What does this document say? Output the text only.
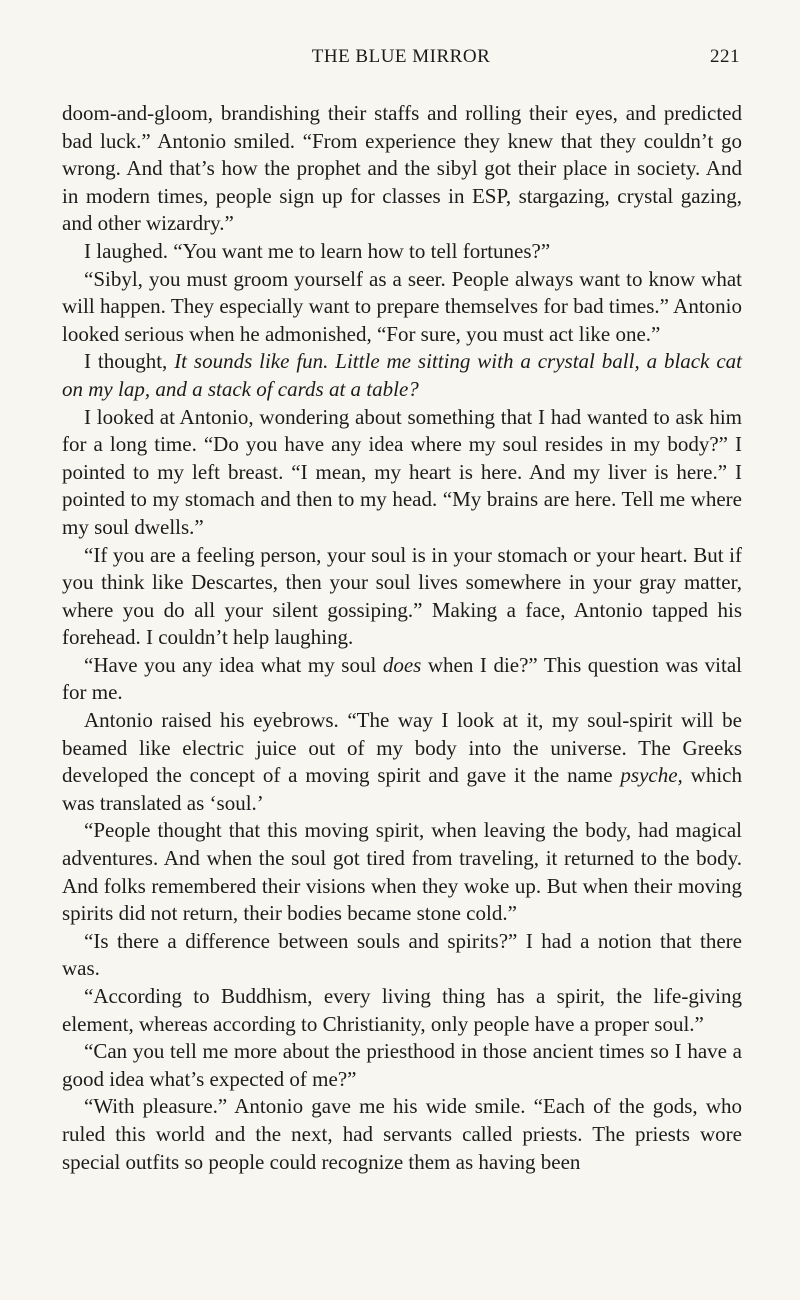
THE BLUE MIRROR	221

doom-and-gloom, brandishing their staffs and rolling their eyes, and predicted bad luck.” Antonio smiled. “From experience they knew that they couldn’t go wrong. And that’s how the prophet and the sibyl got their place in society. And in modern times, people sign up for classes in ESP, stargazing, crystal gazing, and other wizardry.”

I laughed. “You want me to learn how to tell fortunes?”

“Sibyl, you must groom yourself as a seer. People always want to know what will happen. They especially want to prepare themselves for bad times.” Antonio looked serious when he admonished, “For sure, you must act like one.”

I thought, It sounds like fun. Little me sitting with a crystal ball, a black cat on my lap, and a stack of cards at a table?

I looked at Antonio, wondering about something that I had wanted to ask him for a long time. “Do you have any idea where my soul resides in my body?” I pointed to my left breast. “I mean, my heart is here. And my liver is here.” I pointed to my stomach and then to my head. “My brains are here. Tell me where my soul dwells.”

“If you are a feeling person, your soul is in your stomach or your heart. But if you think like Descartes, then your soul lives somewhere in your gray matter, where you do all your silent gossiping.” Making a face, Antonio tapped his forehead. I couldn’t help laughing.

“Have you any idea what my soul does when I die?” This question was vital for me.

Antonio raised his eyebrows. “The way I look at it, my soul-spirit will be beamed like electric juice out of my body into the universe. The Greeks developed the concept of a moving spirit and gave it the name psyche, which was translated as ‘soul.’

“People thought that this moving spirit, when leaving the body, had magical adventures. And when the soul got tired from traveling, it returned to the body. And folks remembered their visions when they woke up. But when their moving spirits did not return, their bodies became stone cold.”

“Is there a difference between souls and spirits?” I had a notion that there was.

“According to Buddhism, every living thing has a spirit, the life-giving element, whereas according to Christianity, only people have a proper soul.”

“Can you tell me more about the priesthood in those ancient times so I have a good idea what’s expected of me?”

“With pleasure.” Antonio gave me his wide smile. “Each of the gods, who ruled this world and the next, had servants called priests. The priests wore special outfits so people could recognize them as having been
